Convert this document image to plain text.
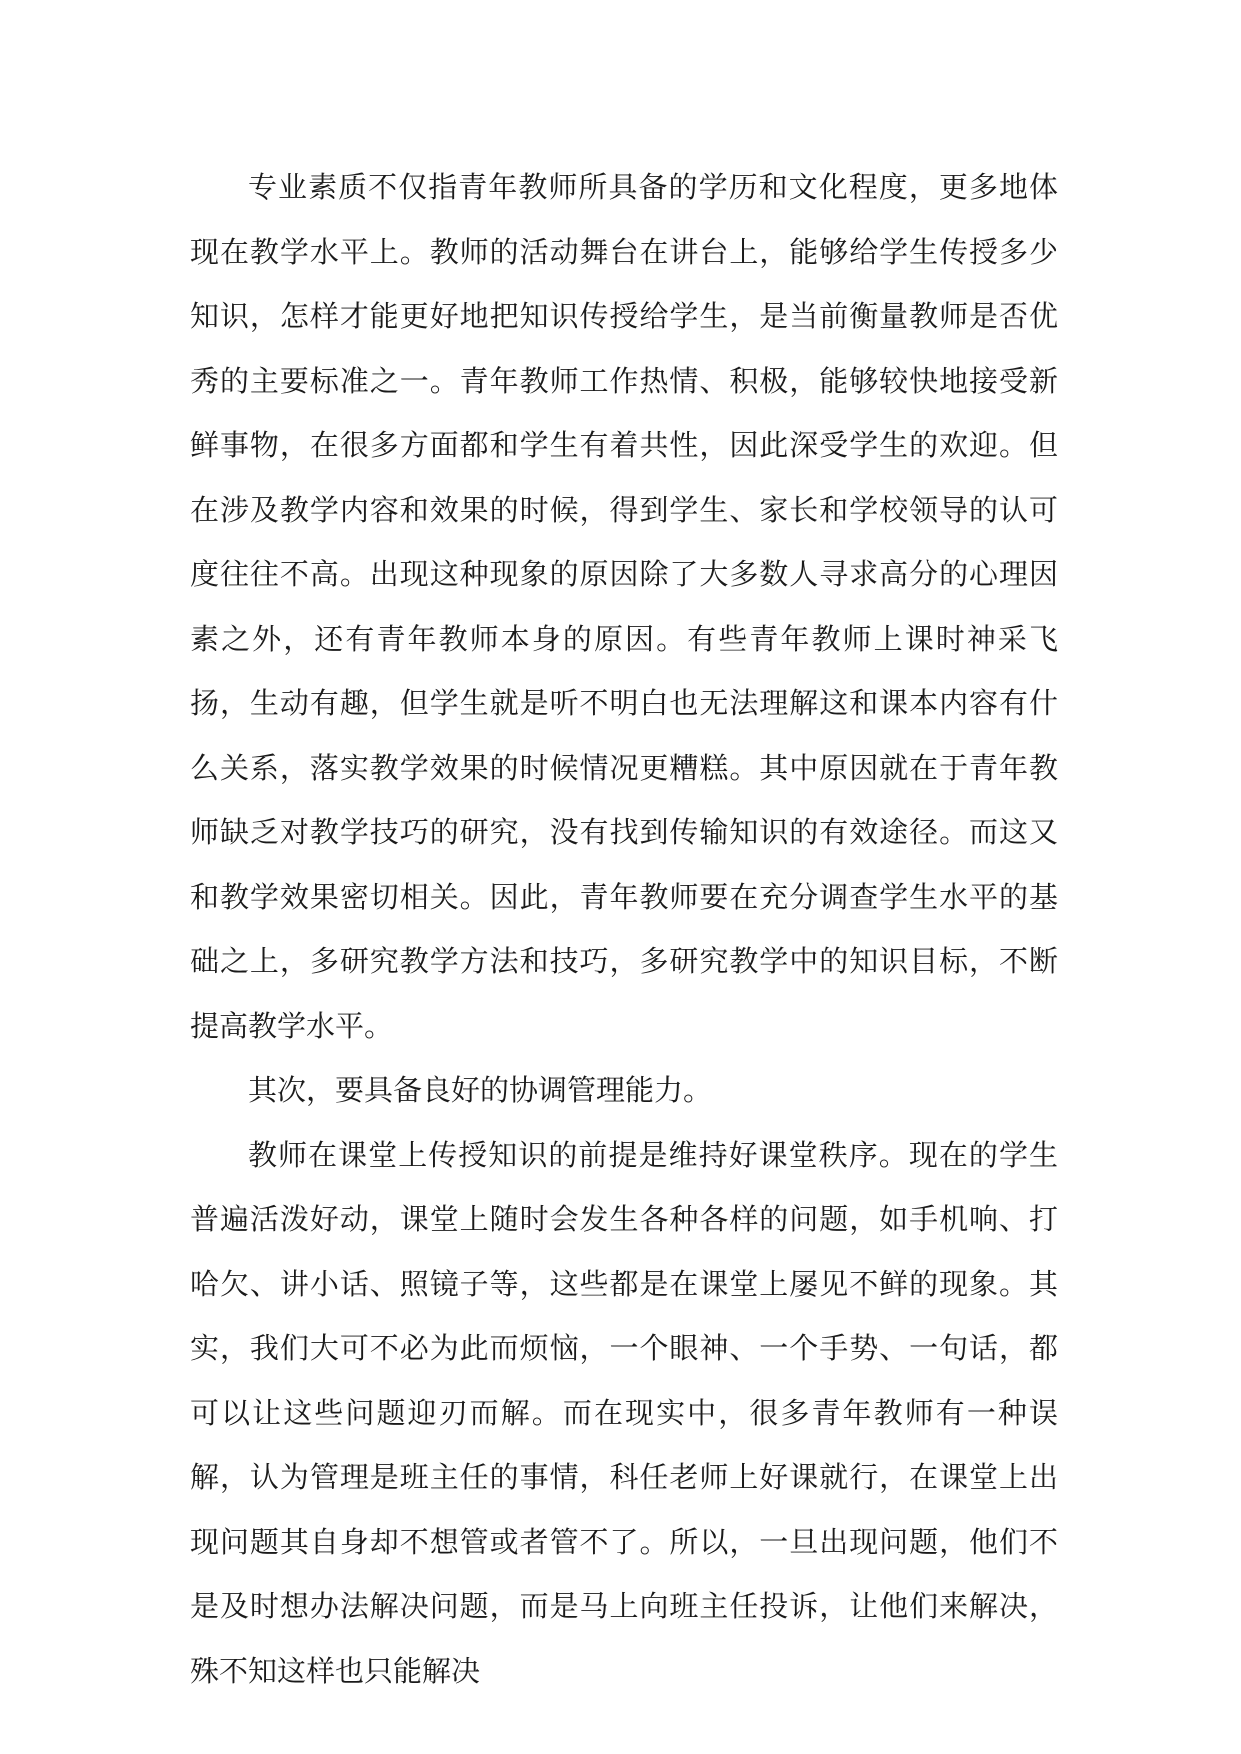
专业素质不仅指青年教师所具备的学历和文化程度，更多地体现在教学水平上。教师的活动舞台在讲台上，能够给学生传授多少知识，怎样才能更好地把知识传授给学生，是当前衡量教师是否优秀的主要标准之一。青年教师工作热情、积极，能够较快地接受新鲜事物，在很多方面都和学生有着共性，因此深受学生的欢迎。但在涉及教学内容和效果的时候，得到学生、家长和学校领导的认可度往往不高。出现这种现象的原因除了大多数人寻求高分的心理因素之外，还有青年教师本身的原因。有些青年教师上课时神采飞扬，生动有趣，但学生就是听不明白也无法理解这和课本内容有什么关系，落实教学效果的时候情况更糟糕。其中原因就在于青年教师缺乏对教学技巧的研究，没有找到传输知识的有效途径。而这又和教学效果密切相关。因此，青年教师要在充分调查学生水平的基础之上，多研究教学方法和技巧，多研究教学中的知识目标，不断提高教学水平。

其次，要具备良好的协调管理能力。

教师在课堂上传授知识的前提是维持好课堂秩序。现在的学生普遍活泼好动，课堂上随时会发生各种各样的问题，如手机响、打哈欠、讲小话、照镜子等，这些都是在课堂上屡见不鲜的现象。其实，我们大可不必为此而烦恼，一个眼神、一个手势、一句话，都可以让这些问题迎刃而解。而在现实中，很多青年教师有一种误解，认为管理是班主任的事情，科任老师上好课就行，在课堂上出现问题其自身却不想管或者管不了。所以，一旦出现问题，他们不是及时想办法解决问题，而是马上向班主任投诉，让他们来解决，殊不知这样也只能解决
